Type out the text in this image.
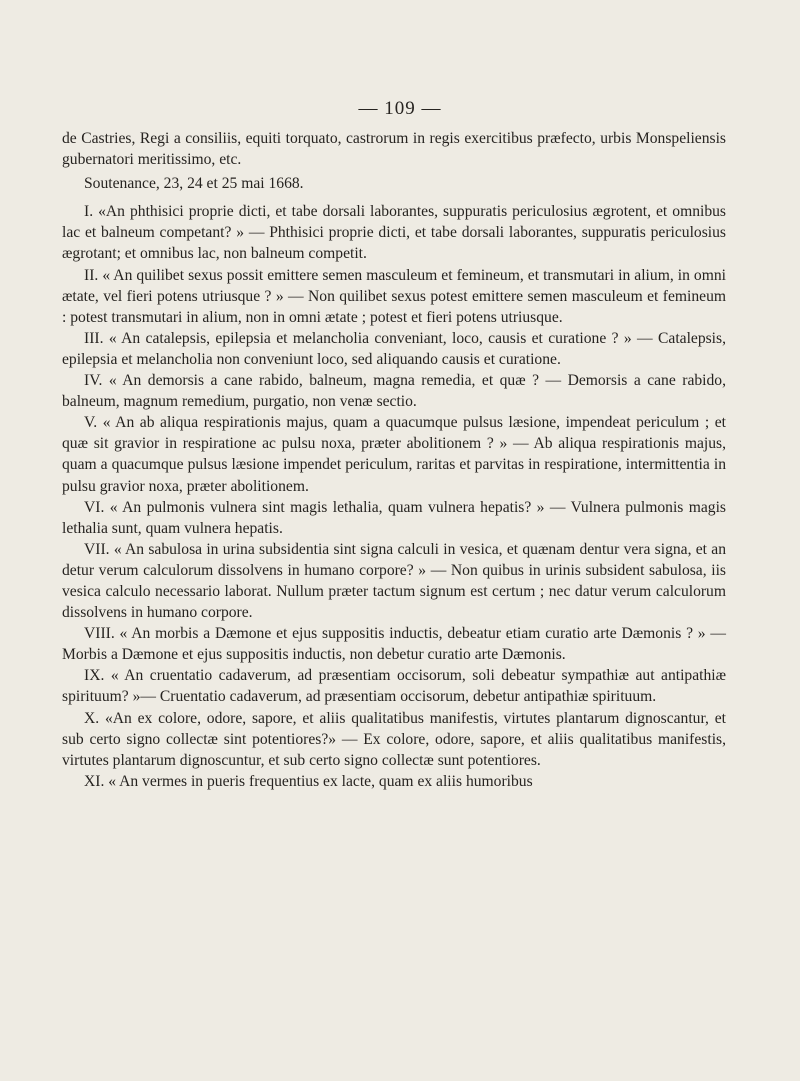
— 109 —

de Castries, Regi a consiliis, equiti torquato, castrorum in regis exercitibus præfecto, urbis Monspeliensis gubernatori meritissimo, etc.

Soutenance, 23, 24 et 25 mai 1668.

I. «An phthisici proprie dicti, et tabe dorsali laborantes, suppuratis periculosius ægrotent, et omnibus lac et balneum competant? » — Phthisici proprie dicti, et tabe dorsali laborantes, suppuratis periculosius ægrotant; et omnibus lac, non balneum competit.

II. « An quilibet sexus possit emittere semen masculeum et femineum, et transmutari in alium, in omni ætate, vel fieri potens utriusque ? » — Non quilibet sexus potest emittere semen masculeum et femineum : potest transmutari in alium, non in omni ætate ; potest et fieri potens utriusque.

III. « An catalepsis, epilepsia et melancholia conveniant, loco, causis et curatione ? » — Catalepsis, epilepsia et melancholia non conveniunt loco, sed aliquando causis et curatione.

IV. « An demorsis a cane rabido, balneum, magna remedia, et quæ ? — Demorsis a cane rabido, balneum, magnum remedium, purgatio, non venæ sectio.

V. « An ab aliqua respirationis majus, quam a quacumque pulsus læsione, impendeat periculum ; et quæ sit gravior in respiratione ac pulsu noxa, præter abolitionem ? » — Ab aliqua respirationis majus, quam a quacumque pulsus læsione impendet periculum, raritas et parvitas in respiratione, intermittentia in pulsu gravior noxa, præter abolitionem.

VI. « An pulmonis vulnera sint magis lethalia, quam vulnera hepatis? » — Vulnera pulmonis magis lethalia sunt, quam vulnera hepatis.

VII. « An sabulosa in urina subsidentia sint signa calculi in vesica, et quænam dentur vera signa, et an detur verum calculorum dissolvens in humano corpore? » — Non quibus in urinis subsident sabulosa, iis vesica calculo necessario laborat. Nullum præter tactum signum est certum ; nec datur verum calculorum dissolvens in humano corpore.

VIII. « An morbis a Dæmone et ejus suppositis inductis, debeatur etiam curatio arte Dæmonis ? » — Morbis a Dæmone et ejus suppositis inductis, non debetur curatio arte Dæmonis.

IX. « An cruentatio cadaverum, ad præsentiam occisorum, soli debeatur sympathiæ aut antipathiæ spirituum? »— Cruentatio cadaverum, ad præsentiam occisorum, debetur antipathiæ spirituum.

X. «An ex colore, odore, sapore, et aliis qualitatibus manifestis, virtutes plantarum dignoscantur, et sub certo signo collectæ sint potentiores?» — Ex colore, odore, sapore, et aliis qualitatibus manifestis, virtutes plantarum dignoscuntur, et sub certo signo collectæ sunt potentiores.

XI. « An vermes in pueris frequentius ex lacte, quam ex aliis humoribus
